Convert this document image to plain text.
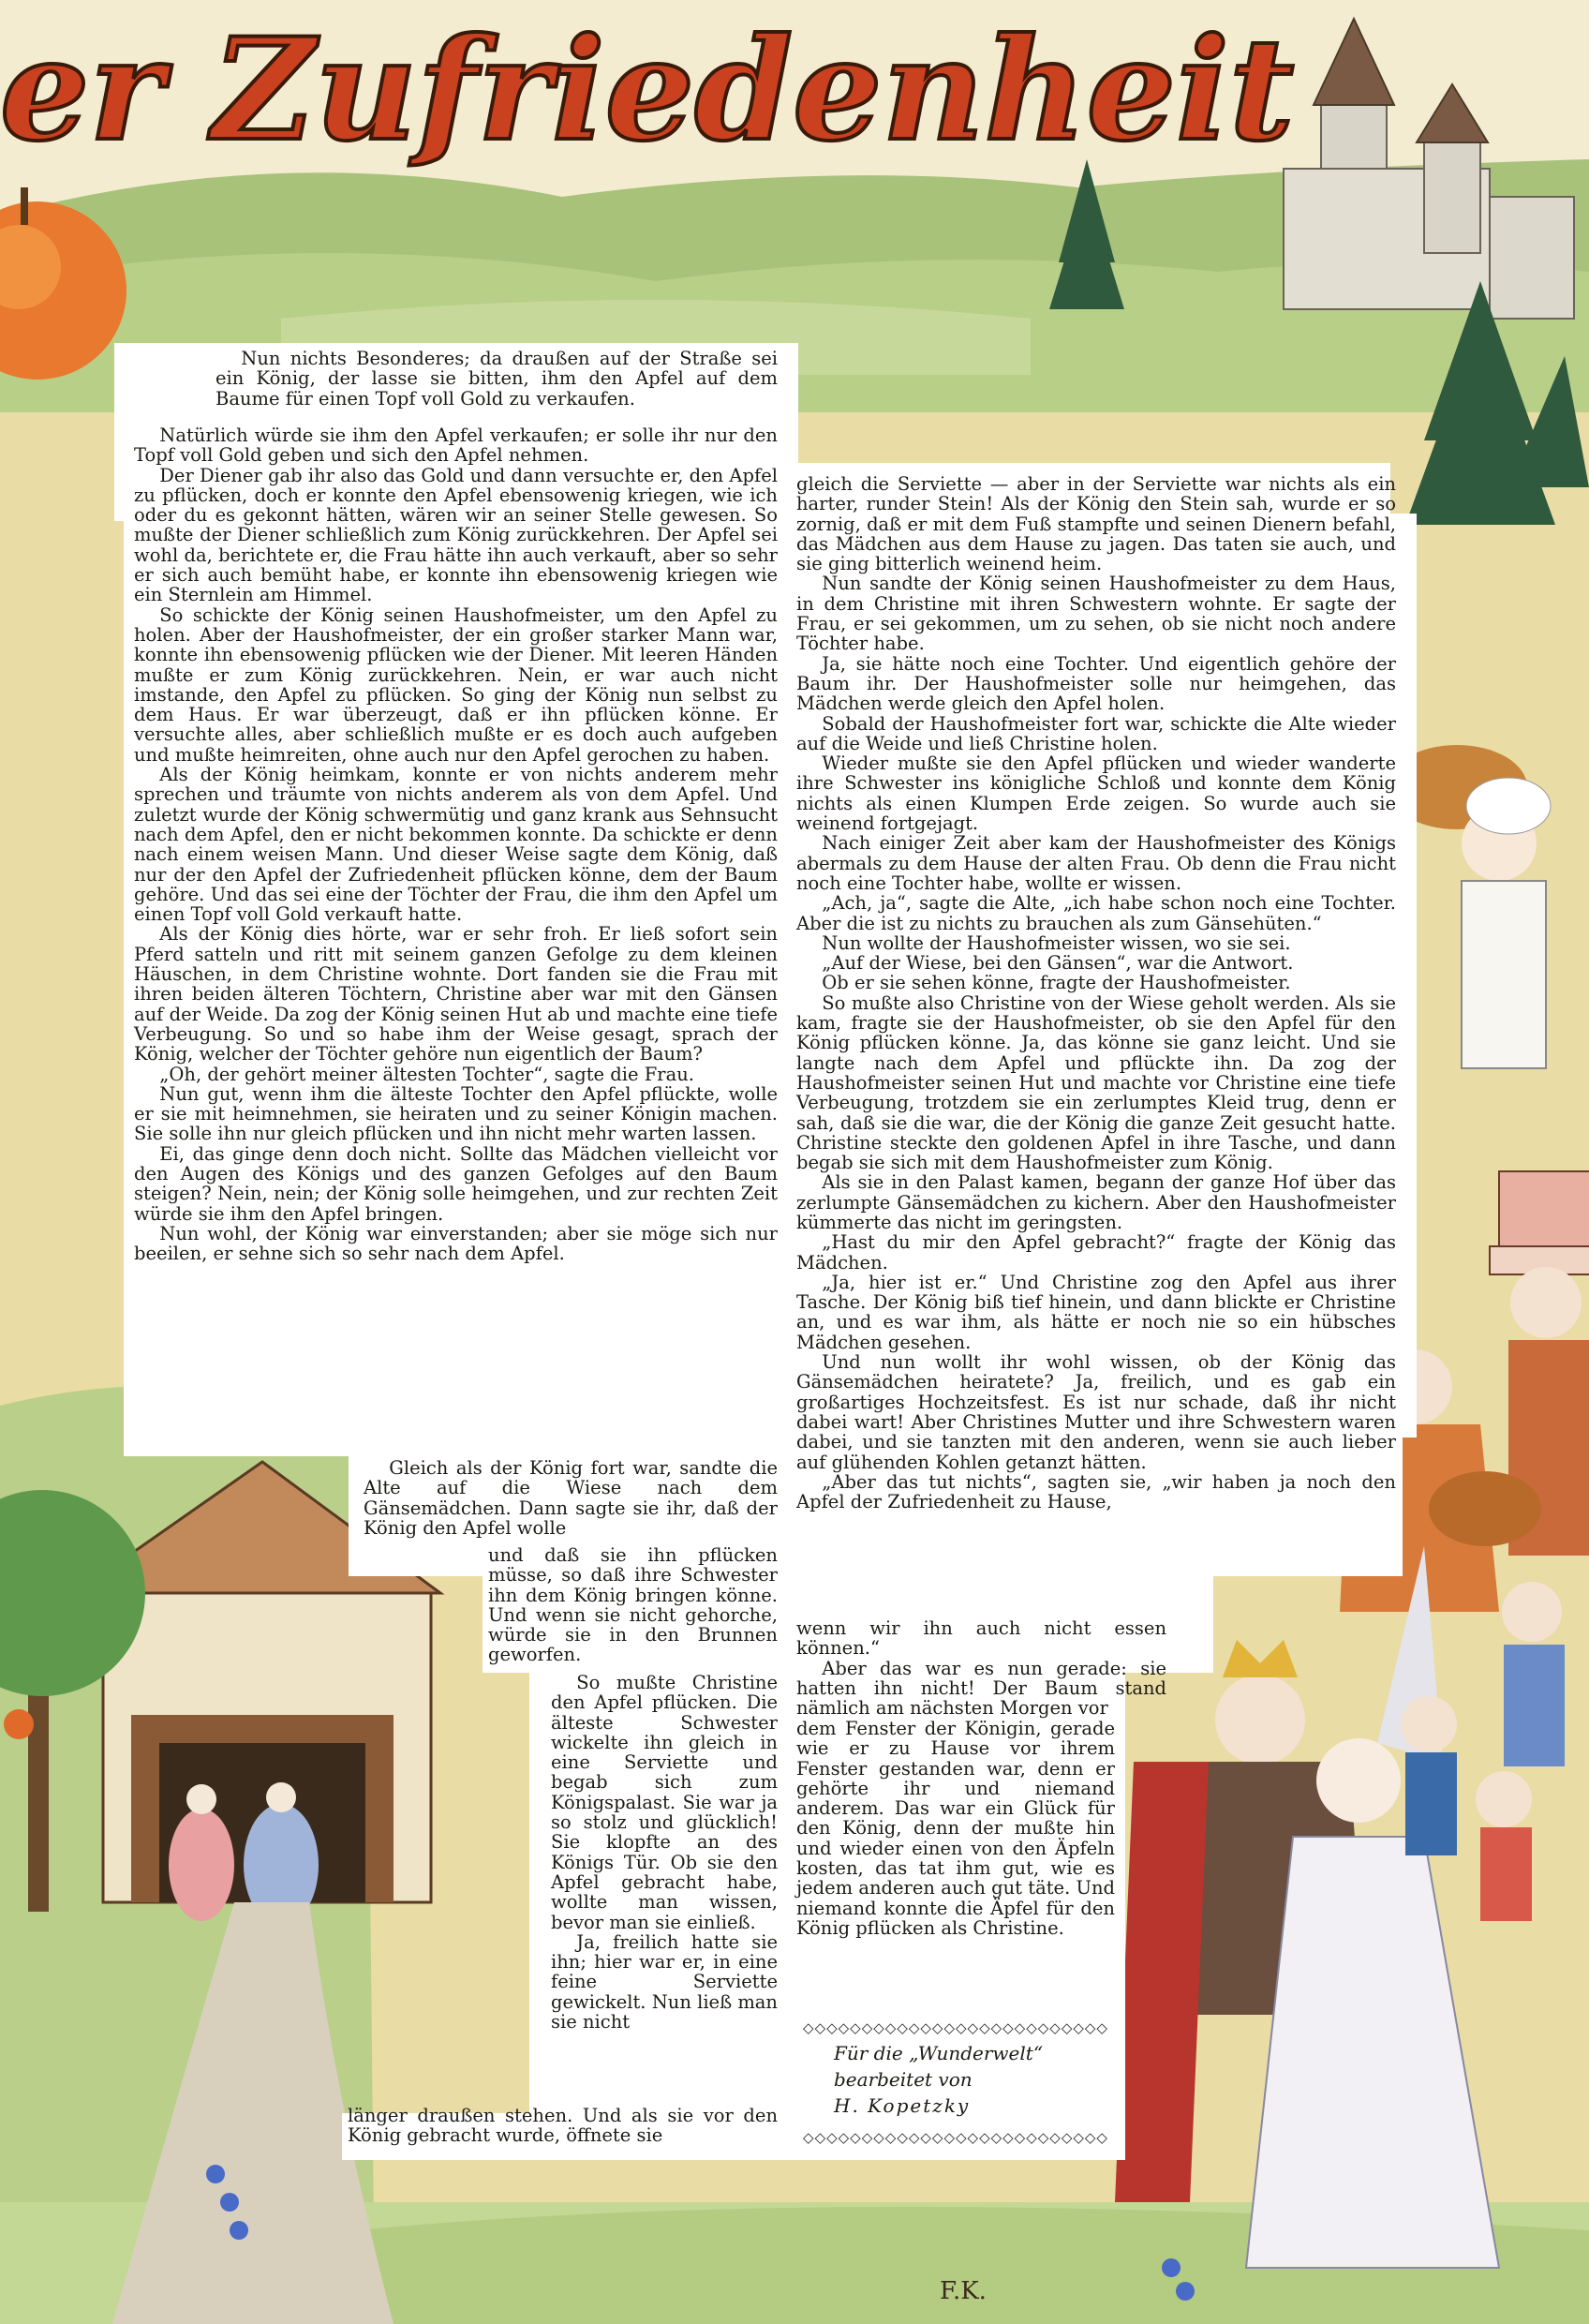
er Zufriedenheit

Nun nichts Besonderes; da draußen auf der Straße sei ein König, der lasse sie bitten, ihm den Apfel auf dem Baume für einen Topf voll Gold zu verkaufen.

Natürlich würde sie ihm den Apfel verkaufen; er solle ihr nur den Topf voll Gold geben und sich den Apfel nehmen.

Der Diener gab ihr also das Gold und dann versuchte er, den Apfel zu pflücken, doch er konnte den Apfel ebensowenig kriegen, wie ich oder du es gekonnt hätten, wären wir an seiner Stelle gewesen. So mußte der Diener schließlich zum König zurückkehren. Der Apfel sei wohl da, berichtete er, die Frau hätte ihn auch verkauft, aber so sehr er sich auch bemüht habe, er konnte ihn ebensowenig kriegen wie ein Sternlein am Himmel.

So schickte der König seinen Haushofmeister, um den Apfel zu holen. Aber der Haushofmeister, der ein großer starker Mann war, konnte ihn ebensowenig pflücken wie der Diener. Mit leeren Händen mußte er zum König zurückkehren. Nein, er war auch nicht imstande, den Apfel zu pflücken. So ging der König nun selbst zu dem Haus. Er war überzeugt, daß er ihn pflücken könne. Er versuchte alles, aber schließlich mußte er es doch auch aufgeben und mußte heimreiten, ohne auch nur den Apfel gerochen zu haben.

Als der König heimkam, konnte er von nichts anderem mehr sprechen und träumte von nichts anderem als von dem Apfel. Und zuletzt wurde der König schwermütig und ganz krank aus Sehnsucht nach dem Apfel, den er nicht bekommen konnte. Da schickte er denn nach einem weisen Mann. Und dieser Weise sagte dem König, daß nur der den Apfel der Zufriedenheit pflücken könne, dem der Baum gehöre. Und das sei eine der Töchter der Frau, die ihm den Apfel um einen Topf voll Gold verkauft hatte.

Als der König dies hörte, war er sehr froh. Er ließ sofort sein Pferd satteln und ritt mit seinem ganzen Gefolge zu dem kleinen Häuschen, in dem Christine wohnte. Dort fanden sie die Frau mit ihren beiden älteren Töchtern, Christine aber war mit den Gänsen auf der Weide. Da zog der König seinen Hut ab und machte eine tiefe Verbeugung. So und so habe ihm der Weise gesagt, sprach der König, welcher der Töchter gehöre nun eigentlich der Baum?

„Oh, der gehört meiner ältesten Tochter“, sagte die Frau.

Nun gut, wenn ihm die älteste Tochter den Apfel pflückte, wolle er sie mit heimnehmen, sie heiraten und zu seiner Königin machen. Sie solle ihn nur gleich pflücken und ihn nicht mehr warten lassen.

Ei, das ginge denn doch nicht. Sollte das Mädchen vielleicht vor den Augen des Königs und des ganzen Gefolges auf den Baum steigen? Nein, nein; der König solle heimgehen, und zur rechten Zeit würde sie ihm den Apfel bringen.

Nun wohl, der König war einverstanden; aber sie möge sich nur beeilen, er sehne sich so sehr nach dem Apfel.

Gleich als der König fort war, sandte die Alte auf die Wiese nach dem Gänsemädchen. Dann sagte sie ihr, daß der König den Apfel wolle

und daß sie ihn pflücken müsse, so daß ihre Schwester ihn dem König bringen könne. Und wenn sie nicht gehorche, würde sie in den Brunnen geworfen.

So mußte Christine den Apfel pflücken. Die älteste Schwester wickelte ihn gleich in eine Serviette und begab sich zum Königspalast. Sie war ja so stolz und glücklich! Sie klopfte an des Königs Tür. Ob sie den Apfel gebracht habe, wollte man wissen, bevor man sie einließ.

Ja, freilich hatte sie ihn; hier war er, in eine feine Serviette gewickelt. Nun ließ man sie nicht

länger draußen stehen. Und als sie vor den König gebracht wurde, öffnete sie

gleich die Serviette — aber in der Serviette war nichts als ein harter, runder Stein! Als der König den Stein sah, wurde er so zornig, daß er mit dem Fuß stampfte und seinen Dienern befahl, das Mädchen aus dem Hause zu jagen. Das taten sie auch, und sie ging bitterlich weinend heim.

Nun sandte der König seinen Haushofmeister zu dem Haus, in dem Christine mit ihren Schwestern wohnte. Er sagte der Frau, er sei gekommen, um zu sehen, ob sie nicht noch andere Töchter habe.

Ja, sie hätte noch eine Tochter. Und eigentlich gehöre der Baum ihr. Der Haushofmeister solle nur heimgehen, das Mädchen werde gleich den Apfel holen.

Sobald der Haushofmeister fort war, schickte die Alte wieder auf die Weide und ließ Christine holen.

Wieder mußte sie den Apfel pflücken und wieder wanderte ihre Schwester ins königliche Schloß und konnte dem König nichts als einen Klumpen Erde zeigen. So wurde auch sie weinend fortgejagt.

Nach einiger Zeit aber kam der Haushofmeister des Königs abermals zu dem Hause der alten Frau. Ob denn die Frau nicht noch eine Tochter habe, wollte er wissen.

„Ach, ja“, sagte die Alte, „ich habe schon noch eine Tochter. Aber die ist zu nichts zu brauchen als zum Gänsehüten.“

Nun wollte der Haushofmeister wissen, wo sie sei.

„Auf der Wiese, bei den Gänsen“, war die Antwort.

Ob er sie sehen könne, fragte der Haushofmeister.

So mußte also Christine von der Wiese geholt werden. Als sie kam, fragte sie der Haushofmeister, ob sie den Apfel für den König pflücken könne. Ja, das könne sie ganz leicht. Und sie langte nach dem Apfel und pflückte ihn. Da zog der Haushofmeister seinen Hut und machte vor Christine eine tiefe Verbeugung, trotzdem sie ein zerlumptes Kleid trug, denn er sah, daß sie die war, die der König die ganze Zeit gesucht hatte. Christine steckte den goldenen Apfel in ihre Tasche, und dann begab sie sich mit dem Haushofmeister zum König.

Als sie in den Palast kamen, begann der ganze Hof über das zerlumpte Gänsemädchen zu kichern. Aber den Haushofmeister kümmerte das nicht im geringsten.

„Hast du mir den Apfel gebracht?“ fragte der König das Mädchen.

„Ja, hier ist er.“ Und Christine zog den Apfel aus ihrer Tasche. Der König biß tief hinein, und dann blickte er Christine an, und es war ihm, als hätte er noch nie so ein hübsches Mädchen gesehen.

Und nun wollt ihr wohl wissen, ob der König das Gänsemädchen heiratete? Ja, freilich, und es gab ein großartiges Hochzeitsfest. Es ist nur schade, daß ihr nicht dabei wart! Aber Christines Mutter und ihre Schwestern waren dabei, und sie tanzten mit den anderen, wenn sie auch lieber auf glühenden Kohlen getanzt hätten.

„Aber das tut nichts“, sagten sie, „wir haben ja noch den Apfel der Zufriedenheit zu Hause,

wenn wir ihn auch nicht essen können.“

Aber das war es nun gerade: sie hatten ihn nicht! Der Baum stand nämlich am nächsten Morgen vor

dem Fenster der Königin, gerade wie er zu Hause vor ihrem Fenster gestanden war, denn er gehörte ihr und niemand anderem. Das war ein Glück für den König, denn der mußte hin und wieder einen von den Äpfeln kosten, das tat ihm gut, wie es jedem anderen auch gut täte. Und niemand konnte die Äpfel für den König pflücken als Christine.

◇◇◇◇◇◇◇◇◇◇◇◇◇◇◇◇◇◇◇◇◇◇◇◇◇◇
Für die „Wunderwelt“
bearbeitet von
H. Kopetzky
◇◇◇◇◇◇◇◇◇◇◇◇◇◇◇◇◇◇◇◇◇◇◇◇◇◇
F.K.
